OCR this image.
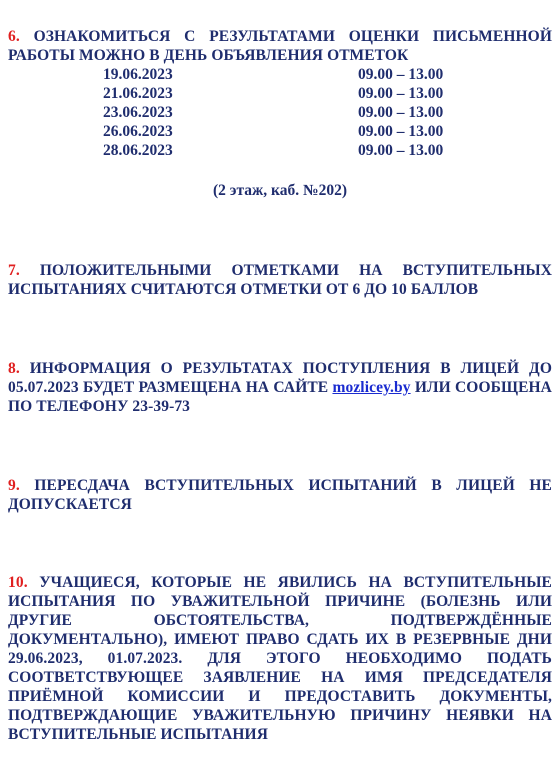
6. ОЗНАКОМИТЬСЯ С РЕЗУЛЬТАТАМИ ОЦЕНКИ ПИСЬМЕННОЙ РАБОТЫ МОЖНО В ДЕНЬ ОБЪЯВЛЕНИЯ ОТМЕТОК
19.06.2023	09.00 – 13.00
21.06.2023	09.00 – 13.00
23.06.2023	09.00 – 13.00
26.06.2023	09.00 – 13.00
28.06.2023	09.00 – 13.00
(2 этаж, каб. №202)
7. ПОЛОЖИТЕЛЬНЫМИ ОТМЕТКАМИ НА ВСТУПИТЕЛЬНЫХ ИСПЫТАНИЯХ СЧИТАЮТСЯ ОТМЕТКИ ОТ 6 ДО 10 БАЛЛОВ
8. ИНФОРМАЦИЯ О РЕЗУЛЬТАТАХ ПОСТУПЛЕНИЯ В ЛИЦЕЙ ДО 05.07.2023 БУДЕТ РАЗМЕЩЕНА НА САЙТЕ mozlicey.by ИЛИ СООБЩЕНА ПО ТЕЛЕФОНУ 23-39-73
9. ПЕРЕСДАЧА ВСТУПИТЕЛЬНЫХ ИСПЫТАНИЙ В ЛИЦЕЙ НЕ ДОПУСКАЕТСЯ
10. УЧАЩИЕСЯ, КОТОРЫЕ НЕ ЯВИЛИСЬ НА ВСТУПИТЕЛЬНЫЕ ИСПЫТАНИЯ ПО УВАЖИТЕЛЬНОЙ ПРИЧИНЕ (БОЛЕЗНЬ ИЛИ ДРУГИЕ ОБСТОЯТЕЛЬСТВА, ПОДТВЕРЖДЁННЫЕ ДОКУМЕНТАЛЬНО), ИМЕЮТ ПРАВО СДАТЬ ИХ В РЕЗЕРВНЫЕ ДНИ 29.06.2023, 01.07.2023. ДЛЯ ЭТОГО НЕОБХОДИМО ПОДАТЬ СООТВЕТСТВУЮЩЕЕ ЗАЯВЛЕНИЕ НА ИМЯ ПРЕДСЕДАТЕЛЯ ПРИЁМНОЙ КОМИССИИ И ПРЕДОСТАВИТЬ ДОКУМЕНТЫ, ПОДТВЕРЖДАЮЩИЕ УВАЖИТЕЛЬНУЮ ПРИЧИНУ НЕЯВКИ НА ВСТУПИТЕЛЬНЫЕ ИСПЫТАНИЯ
